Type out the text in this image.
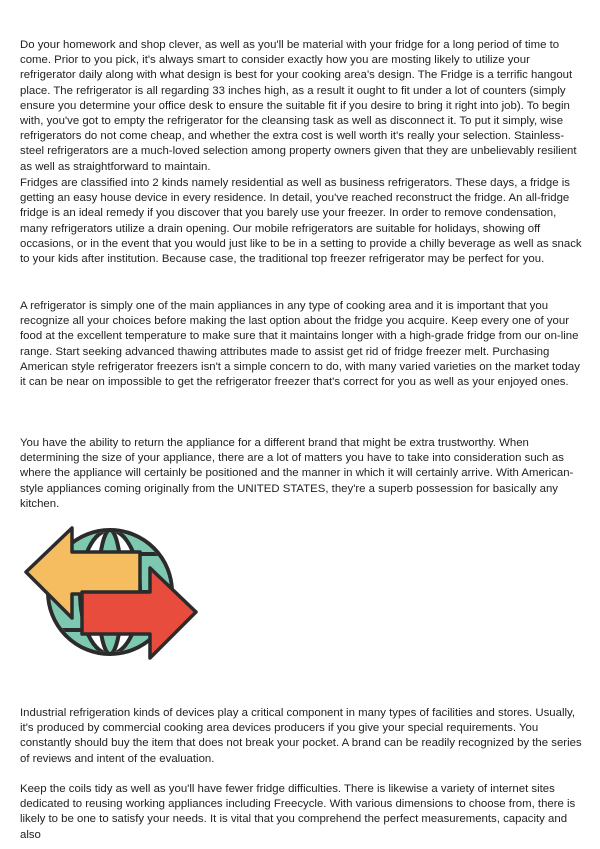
Do your homework and shop clever, as well as you'll be material with your fridge for a long period of time to come. Prior to you pick, it's always smart to consider exactly how you are mosting likely to utilize your refrigerator daily along with what design is best for your cooking area's design. The Fridge is a terrific hangout place. The refrigerator is all regarding 33 inches high, as a result it ought to fit under a lot of counters (simply ensure you determine your office desk to ensure the suitable fit if you desire to bring it right into job). To begin with, you've got to empty the refrigerator for the cleansing task as well as disconnect it. To put it simply, wise refrigerators do not come cheap, and whether the extra cost is well worth it's really your selection. Stainless-steel refrigerators are a much-loved selection among property owners given that they are unbelievably resilient as well as straightforward to maintain.

Fridges are classified into 2 kinds namely residential as well as business refrigerators. These days, a fridge is getting an easy house device in every residence. In detail, you've reached reconstruct the fridge. An all-fridge fridge is an ideal remedy if you discover that you barely use your freezer. In order to remove condensation, many refrigerators utilize a drain opening. Our mobile refrigerators are suitable for holidays, showing off occasions, or in the event that you would just like to be in a setting to provide a chilly beverage as well as snack to your kids after institution. Because case, the traditional top freezer refrigerator may be perfect for you.

A refrigerator is simply one of the main appliances in any type of cooking area and it is important that you recognize all your choices before making the last option about the fridge you acquire. Keep every one of your food at the excellent temperature to make sure that it maintains longer with a high-grade fridge from our on-line range. Start seeking advanced thawing attributes made to assist get rid of fridge freezer melt. Purchasing American style refrigerator freezers isn't a simple concern to do, with many varied varieties on the market today it can be near on impossible to get the refrigerator freezer that's correct for you as well as your enjoyed ones.

You have the ability to return the appliance for a different brand that might be extra trustworthy. When determining the size of your appliance, there are a lot of matters you have to take into consideration such as where the appliance will certainly be positioned and the manner in which it will certainly arrive. With American-style appliances coming originally from the UNITED STATES, they're a superb possession for basically any kitchen.

Industrial refrigeration kinds of devices play a critical component in many types of facilities and stores. Usually, it's produced by commercial cooking area devices producers if you give your special requirements. You constantly should buy the item that does not break your pocket. A brand can be readily recognized by the series of reviews and intent of the evaluation.

Keep the coils tidy as well as you'll have fewer fridge difficulties. There is likewise a variety of internet sites dedicated to reusing working appliances including Freecycle. With various dimensions to choose from, there is likely to be one to satisfy your needs. It is vital that you comprehend the perfect measurements, capacity and also
